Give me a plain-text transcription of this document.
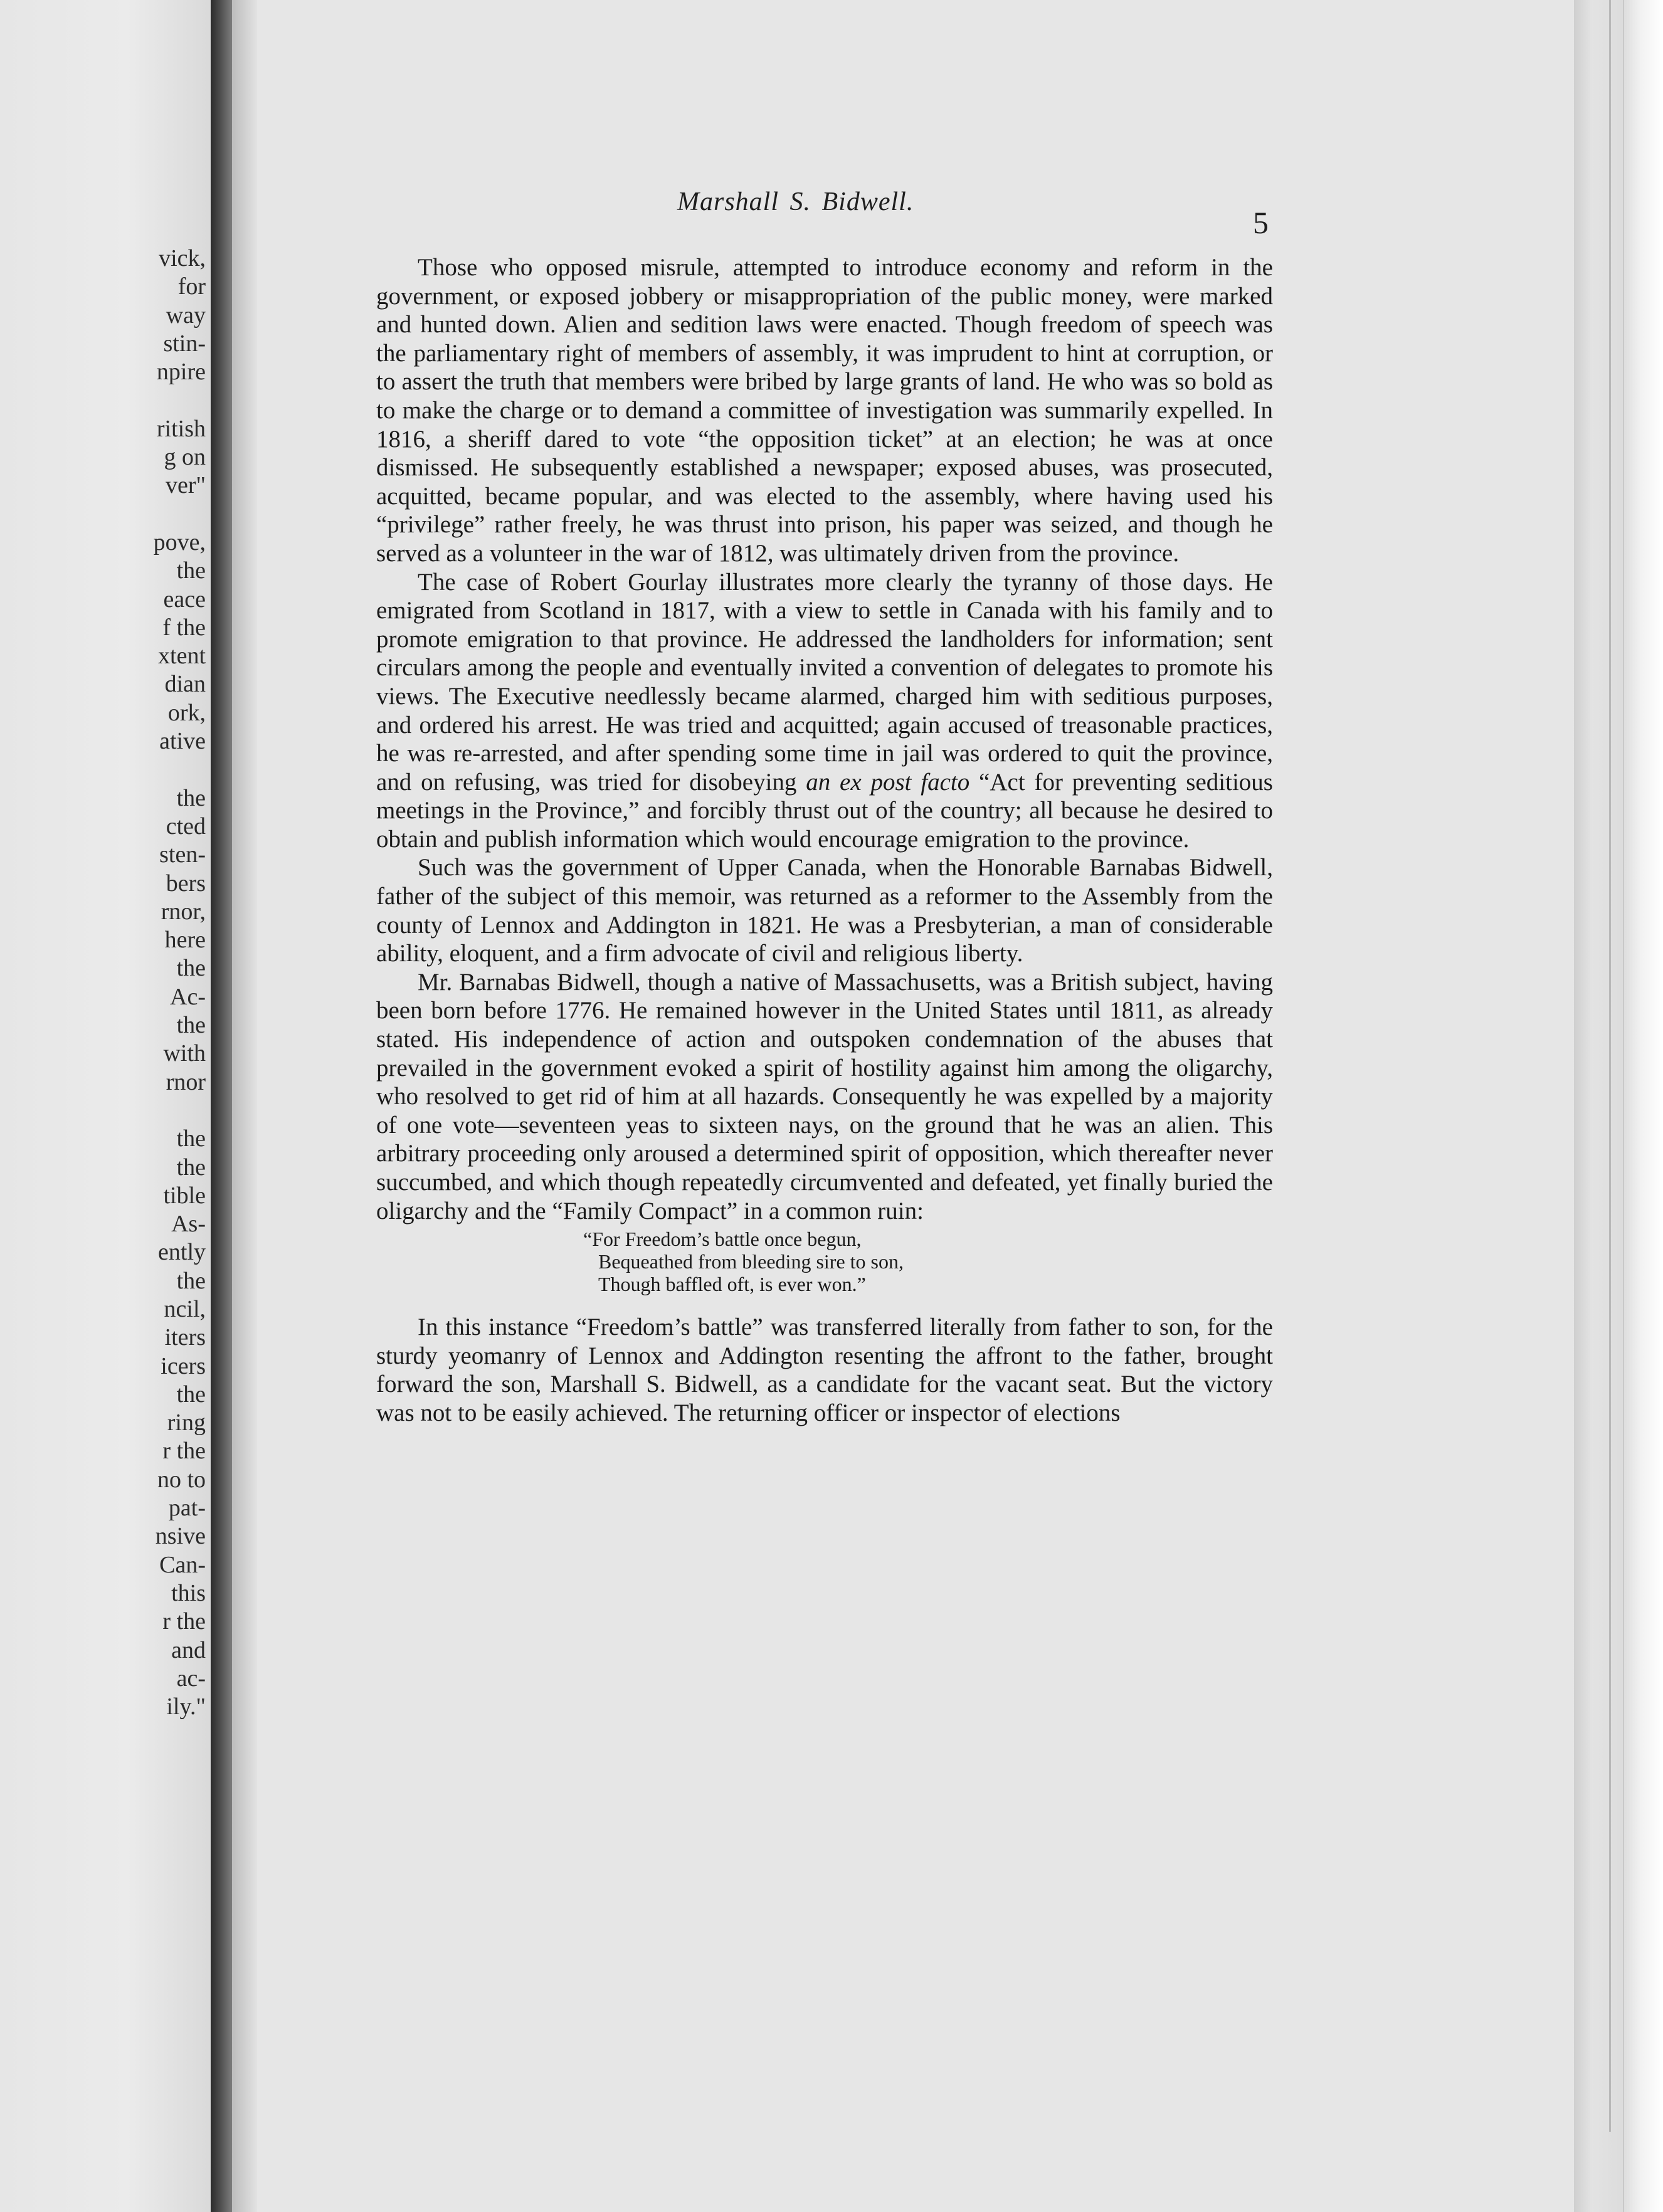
vick,
for
way
stin-
npire
ritish
g on
ver"
pove,
the
eace
f the
xtent
dian
ork,
ative
the
cted
sten-
bers
rnor,
here
the
Ac-
the
with
rnor
the
the
tible
As-
ently
the
ncil,
iters
icers
the
ring
r the
no to
pat-
nsive
Can-
this
r the
and
ac-
ily."
Marshall S. Bidwell.
5

Those who opposed misrule, attempted to introduce economy and reform in the government, or exposed jobbery or misappropriation of the public money, were marked and hunted down. Alien and sedition laws were enacted. Though freedom of speech was the parliamentary right of members of assembly, it was imprudent to hint at corruption, or to assert the truth that members were bribed by large grants of land. He who was so bold as to make the charge or to demand a committee of investigation was summarily expelled. In 1816, a sheriff dared to vote “the opposition ticket” at an election; he was at once dismissed. He subsequently established a newspaper; exposed abuses, was prosecuted, acquitted, became popular, and was elected to the assembly, where having used his “privilege” rather freely, he was thrust into prison, his paper was seized, and though he served as a volunteer in the war of 1812, was ultimately driven from the province.

The case of Robert Gourlay illustrates more clearly the tyranny of those days. He emigrated from Scotland in 1817, with a view to settle in Canada with his family and to promote emigration to that province. He addressed the landholders for information; sent circulars among the people and eventually invited a convention of delegates to promote his views. The Executive needlessly became alarmed, charged him with seditious purposes, and ordered his arrest. He was tried and acquitted; again accused of treasonable practices, he was re-arrested, and after spending some time in jail was ordered to quit the province, and on refusing, was tried for disobeying an ex post facto “Act for preventing seditious meetings in the Province,” and forcibly thrust out of the country; all because he desired to obtain and publish information which would encourage emigration to the province.

Such was the government of Upper Canada, when the Honorable Barnabas Bidwell, father of the subject of this memoir, was returned as a reformer to the Assembly from the county of Lennox and Addington in 1821. He was a Presbyterian, a man of considerable ability, eloquent, and a firm advocate of civil and religious liberty.

Mr. Barnabas Bidwell, though a native of Massachusetts, was a British subject, having been born before 1776. He remained however in the United States until 1811, as already stated. His independence of action and outspoken condemnation of the abuses that prevailed in the government evoked a spirit of hostility against him among the oligarchy, who resolved to get rid of him at all hazards. Consequently he was expelled by a majority of one vote—seventeen yeas to sixteen nays, on the ground that he was an alien. This arbitrary proceeding only aroused a determined spirit of opposition, which thereafter never succumbed, and which though repeatedly circumvented and defeated, yet finally buried the oligarchy and the “Family Compact” in a common ruin:

“For Freedom’s battle once begun,
Bequeathed from bleeding sire to son,
Though baffled oft, is ever won.”

In this instance “Freedom’s battle” was transferred literally from father to son, for the sturdy yeomanry of Lennox and Addington resenting the affront to the father, brought forward the son, Marshall S. Bidwell, as a candidate for the vacant seat. But the victory was not to be easily achieved. The returning officer or inspector of elections
